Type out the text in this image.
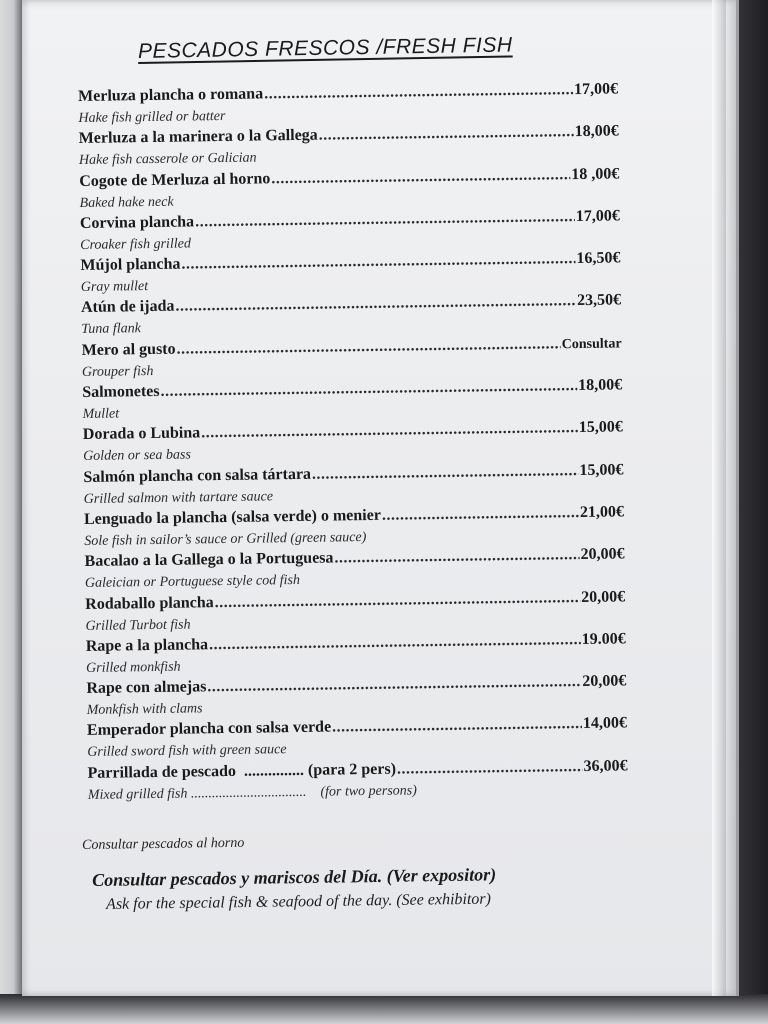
PESCADOS FRESCOS /FRESH FISH
Merluza plancha o romana .....	17,00€
Hake fish grilled or batter
Merluza a la marinera o la Gallega .....	18,00€
Hake fish casserole or Galician
Cogote de Merluza al horno .....	18 ,00€
Baked hake neck
Corvina plancha .....	17,00€
Croaker fish grilled
Mújol plancha .....	16,50€
Gray mullet
Atún de ijada .....	23,50€
Tuna flank
Mero al gusto .....	Consultar
Grouper fish
Salmonetes .....	18,00€
Mullet
Dorada o Lubina .....	15,00€
Golden or sea bass
Salmón plancha con salsa tártara .....	15,00€
Grilled salmon with tartare sauce
Lenguado la plancha (salsa verde) o menier .....	21,00€
Sole fish in sailor’s sauce or Grilled (green sauce)
Bacalao a la Gallega o la Portuguesa .....	20,00€
Galeician or Portuguese style cod fish
Rodaballo plancha .....	20,00€
Grilled Turbot fish
Rape a la plancha .....	19.00€
Grilled monkfish
Rape con almejas .....	20,00€
Monkfish with clams
Emperador plancha con salsa verde .....	14,00€
Grilled sword fish with green sauce
Parrillada de pescado ............... (para 2 pers) .....	36,00€
Mixed grilled fish .................................    (for two persons)
Consultar pescados al horno
Consultar pescados y mariscos del Día. (Ver expositor)
Ask for the special fish & seafood of the day. (See exhibitor)
